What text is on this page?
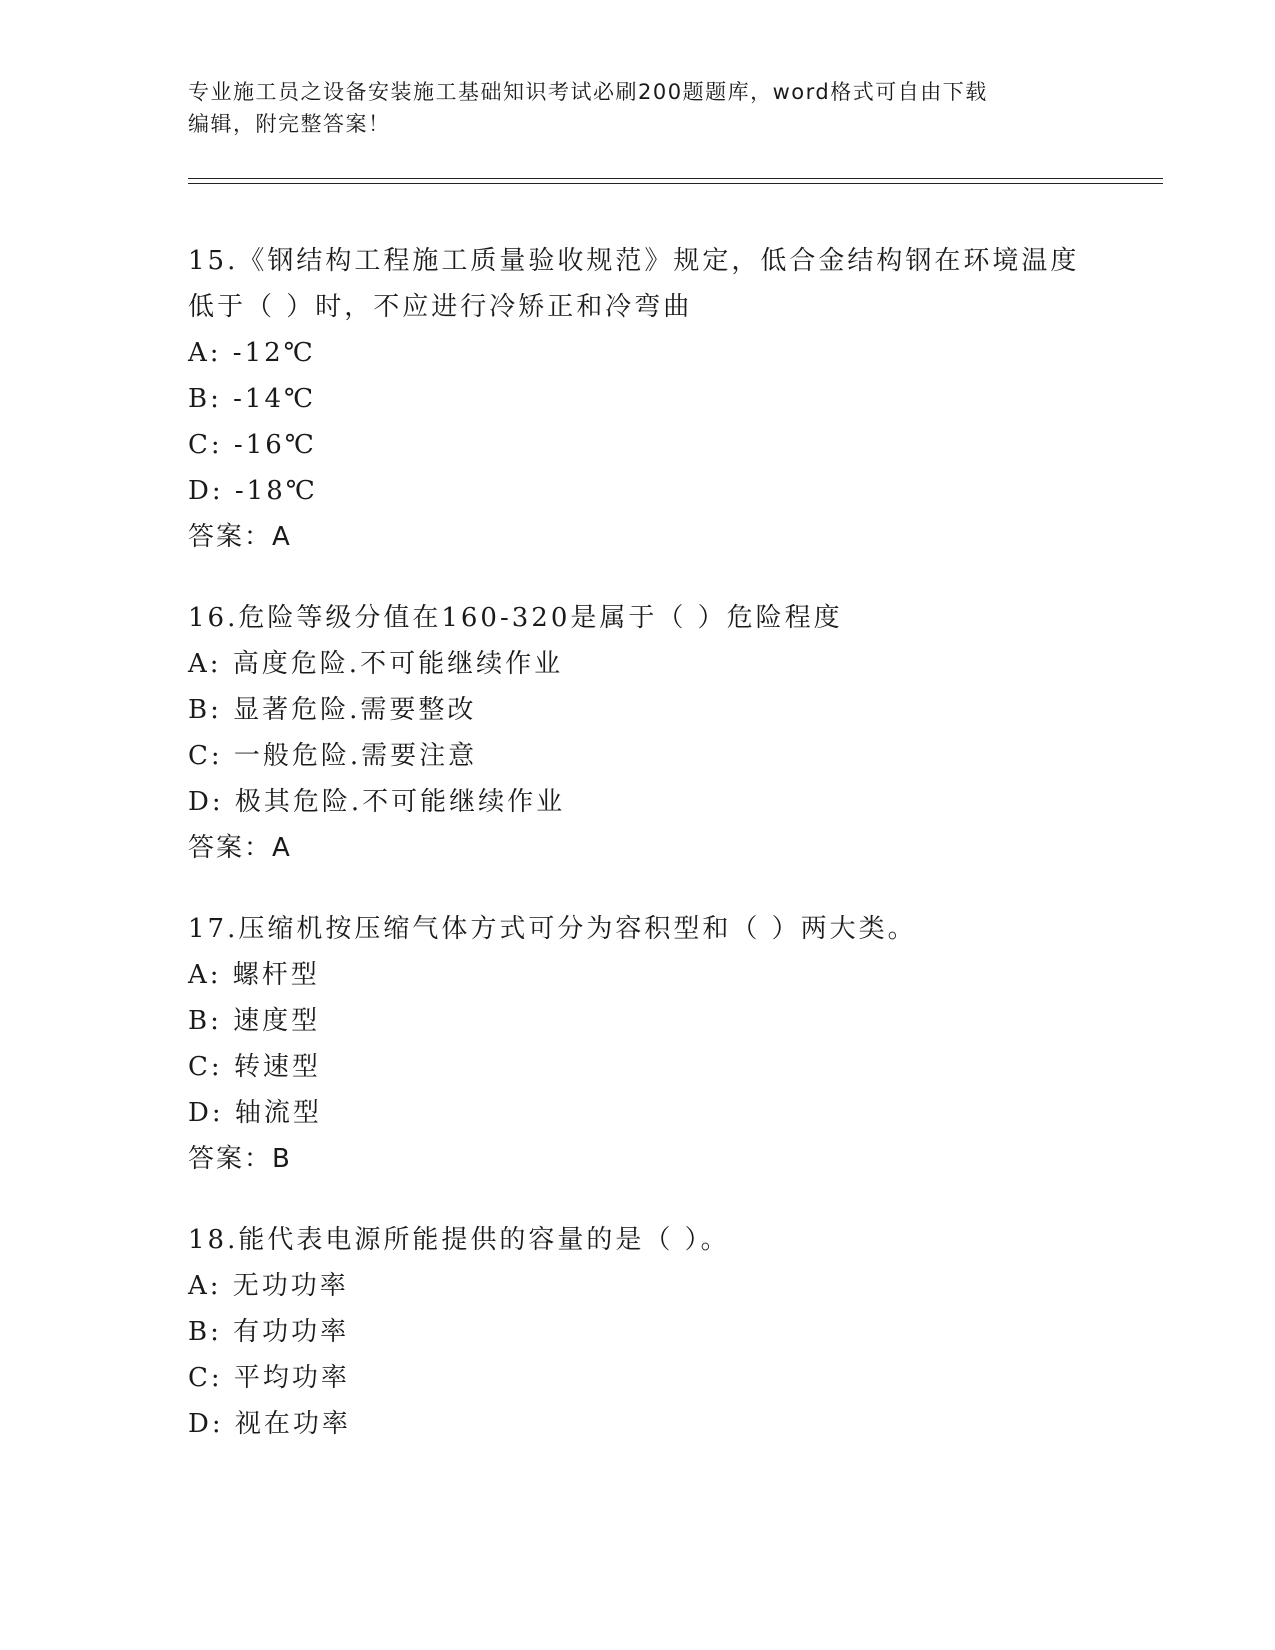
专业施工员之设备安装施工基础知识考试必刷200题题库，word格式可自由下载
编辑，附完整答案！
15.《钢结构工程施工质量验收规范》规定，低合金结构钢在环境温度低于（ ）时，不应进行冷矫正和冷弯曲
A: -12℃
B: -14℃
C: -16℃
D: -18℃
答案：A
16.危险等级分值在160-320是属于（ ）危险程度
A: 高度危险.不可能继续作业
B: 显著危险.需要整改
C: 一般危险.需要注意
D: 极其危险.不可能继续作业
答案：A
17.压缩机按压缩气体方式可分为容积型和（ ）两大类。
A: 螺杆型
B: 速度型
C: 转速型
D: 轴流型
答案：B
18.能代表电源所能提供的容量的是（ ）。
A: 无功功率
B: 有功功率
C: 平均功率
D: 视在功率
